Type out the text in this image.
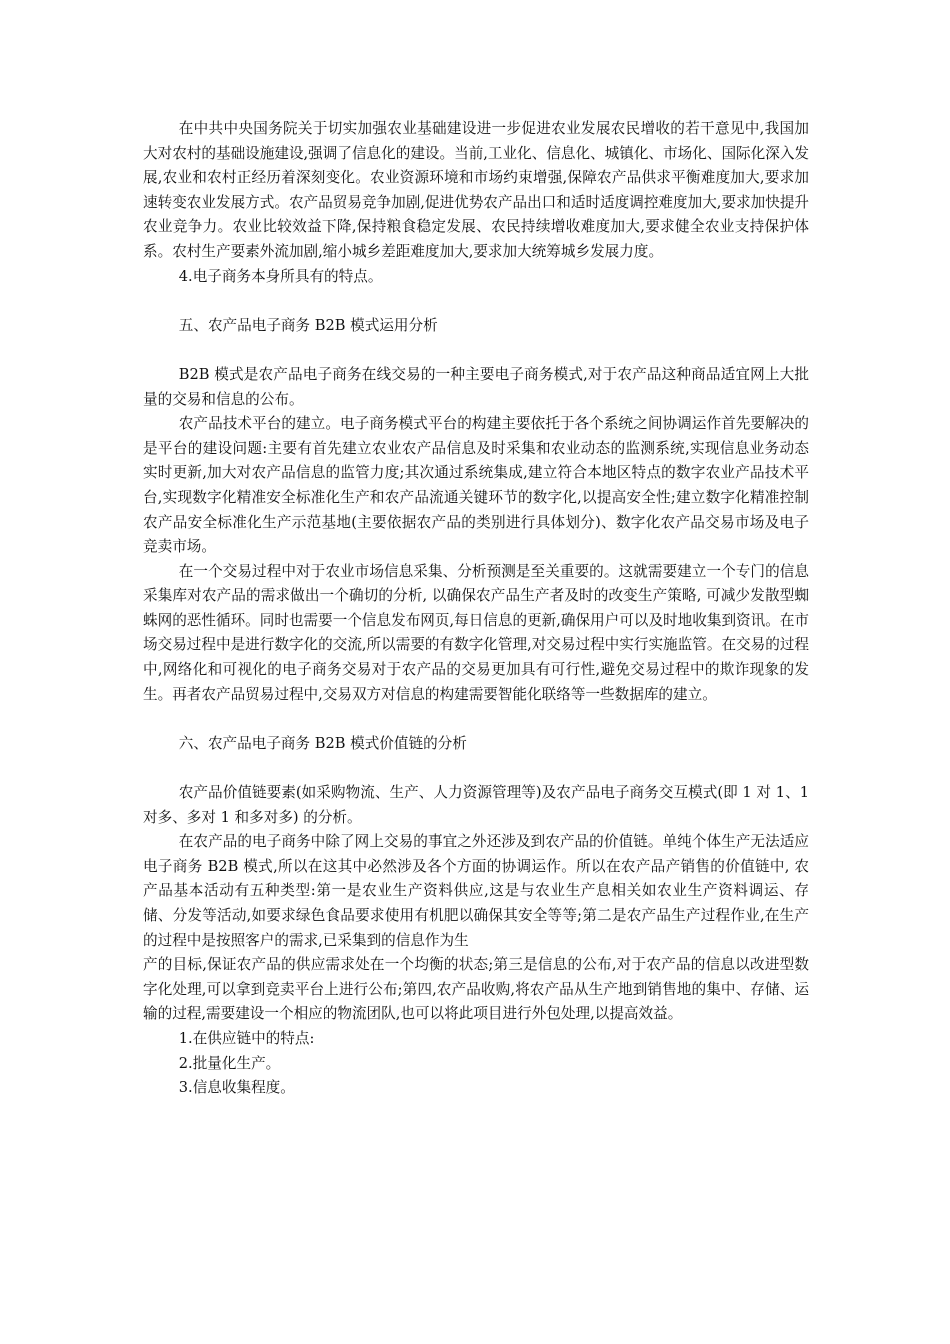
在中共中央国务院关于切实加强农业基础建设进一步促进农业发展农民增收的若干意见中,我国加大对农村的基础设施建设,强调了信息化的建设。当前,工业化、信息化、城镇化、市场化、国际化深入发展,农业和农村正经历着深刻变化。农业资源环境和市场约束增强,保障农产品供求平衡难度加大,要求加速转变农业发展方式。农产品贸易竞争加剧,促进优势农产品出口和适时适度调控难度加大,要求加快提升农业竞争力。农业比较效益下降,保持粮食稳定发展、农民持续增收难度加大,要求健全农业支持保护体系。农村生产要素外流加剧,缩小城乡差距难度加大,要求加大统筹城乡发展力度。

4.电子商务本身所具有的特点。

五、农产品电子商务 B2B 模式运用分析

B2B 模式是农产品电子商务在线交易的一种主要电子商务模式,对于农产品这种商品适宜网上大批量的交易和信息的公布。

农产品技术平台的建立。电子商务模式平台的构建主要依托于各个系统之间协调运作首先要解决的是平台的建设问题:主要有首先建立农业农产品信息及时采集和农业动态的监测系统,实现信息业务动态实时更新,加大对农产品信息的监管力度;其次通过系统集成,建立符合本地区特点的数字农业产品技术平台,实现数字化精准安全标准化生产和农产品流通关键环节的数字化,以提高安全性;建立数字化精准控制农产品安全标准化生产示范基地(主要依据农产品的类别进行具体划分)、数字化农产品交易市场及电子竞卖市场。

在一个交易过程中对于农业市场信息采集、分析预测是至关重要的。这就需要建立一个专门的信息采集库对农产品的需求做出一个确切的分析, 以确保农产品生产者及时的改变生产策略, 可减少发散型蜘蛛网的恶性循环。同时也需要一个信息发布网页,每日信息的更新,确保用户可以及时地收集到资讯。在市场交易过程中是进行数字化的交流,所以需要的有数字化管理,对交易过程中实行实施监管。在交易的过程中,网络化和可视化的电子商务交易对于农产品的交易更加具有可行性,避免交易过程中的欺诈现象的发生。再者农产品贸易过程中,交易双方对信息的构建需要智能化联络等一些数据库的建立。

六、农产品电子商务 B2B 模式价值链的分析

农产品价值链要素(如采购物流、生产、人力资源管理等)及农产品电子商务交互模式(即 1 对 1、1 对多、多对 1 和多对多) 的分析。

在农产品的电子商务中除了网上交易的事宜之外还涉及到农产品的价值链。单纯个体生产无法适应电子商务 B2B 模式,所以在这其中必然涉及各个方面的协调运作。所以在农产品产销售的价值链中, 农产品基本活动有五种类型:第一是农业生产资料供应,这是与农业生产息相关如农业生产资料调运、存储、分发等活动,如要求绿色食品要求使用有机肥以确保其安全等等;第二是农产品生产过程作业,在生产的过程中是按照客户的需求,已采集到的信息作为生

产的目标,保证农产品的供应需求处在一个均衡的状态;第三是信息的公布,对于农产品的信息以改进型数字化处理,可以拿到竞卖平台上进行公布;第四,农产品收购,将农产品从生产地到销售地的集中、存储、运输的过程,需要建设一个相应的物流团队,也可以将此项目进行外包处理,以提高效益。

1.在供应链中的特点:

2.批量化生产。

3.信息收集程度。
